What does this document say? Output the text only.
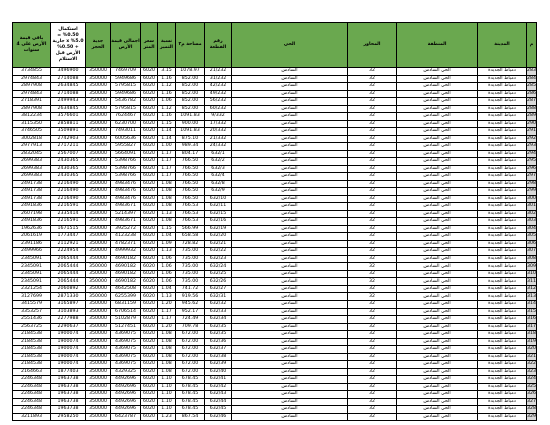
م	المدينة	المنطقة	المحاور	الحي	رقم القطعة	مساحة م٢	نسبة التميز	سعر المتر	اجمالى قيمة الأرض	جدية الحجز	استكمال 0.50% = 5.0% x جارية + 0.50% الأرض قبل الاستلام	باقي قيمة الأرض على 4 سنوات
283	دمياط الجديدة	الحي السادس	32	السادس	21/232	1078.97	3.15	6020	7469709	350000	3496900	3734855
284	دمياط الجديدة	الحي السادس	32	السادس	31/232	852.00	1.16	6020	5949686	350000	2714088	2974843
285	دمياط الجديدة	الحي السادس	32	السادس	42/232	852.00	1.12	6020	5795815	350000	2634845	2897908
286	دمياط الجديدة	الحي السادس	32	السادس	49/232	852.00	1.16	6020	5949686	350000	2714088	2974843
287	دمياط الجديدة	الحي السادس	32	السادس	56/232	852.00	1.06	6020	5436782	350000	2499943	2718391
288	دمياط الجديدة	الحي السادس	32	السادس	60/232	852.00	1.12	6020	5795815	350000	2634845	2897908
289	دمياط الجديدة	الحي السادس	32	السادس	9/332	1091.83	1.16	6020	7624467	350000	3576601	3812234
290	دمياط الجديدة	الحي السادس	32	السادس	17/332	900.00	1.15	6020	6230700	350000	2858811	3115350
291	دمياط الجديدة	الحي السادس	32	السادس	20/332	1091.83	1.14	6020	7493011	350000	3509891	3746505
292	دمياط الجديدة	الحي السادس	32	السادس	21/332	875.10	1.14	6020	6005636	350000	2742903	3002818
293	دمياط الجديدة	الحي السادس	32	السادس	24/332	989.34	1.00	6020	5955827	350000	2717211	2977913
294	دمياط الجديدة	الحي السادس	32	السادس	632/1	804.17	1.17	6020	5664091	350000	2567007	2832045
295	دمياط الجديدة	الحي السادس	32	السادس	632/2	766.50	1.17	6020	5398766	350000	2430365	2699383
296	دمياط الجديدة	الحي السادس	32	السادس	632/3	766.50	1.17	6020	5398766	350000	2430365	2699383
297	دمياط الجديدة	الحي السادس	32	السادس	632/4	766.50	1.17	6020	5398766	350000	2430365	2699383
298	دمياط الجديدة	الحي السادس	32	السادس	632/8	766.50	1.08	6020	4983476	350000	2216490	2491738
299	دمياط الجديدة	الحي السادس	32	السادس	632/9	766.50	1.08	6020	4983476	350000	2216490	2491738
300	دمياط الجديدة	الحي السادس	32	السادس	632/10	766.50	1.08	6020	4983476	350000	2216490	2491738
301	دمياط الجديدة	الحي السادس	32	السادس	632/11	766.53	1.08	6020	4983671	350000	2216591	2491836
302	دمياط الجديدة	الحي السادس	32	السادس	632/15	766.53	1.13	6020	5214397	350000	2335414	2607198
303	دمياط الجديدة	الحي السادس	32	السادس	632/16	766.53	1.08	6020	4983671	350000	2216591	2491836
304	دمياط الجديدة	الحي السادس	32	السادس	632/19	566.99	1.15	6020	3925272	350000	1671515	1962636
305	دمياط الجديدة	الحي السادس	32	السادس	632/20	658.58	1.04	6020	4123238	350000	1773447	2061619
306	دمياط الجديدة	الحي السادس	32	السادس	632/21	728.82	1.09	6020	4782371	350000	2112921	2391186
307	دمياط الجديدة	الحي السادس	32	السادس	632/22	735.00	1.13	6020	4999932	350000	2224954	2499966
308	دمياط الجديدة	الحي السادس	32	السادس	632/23	735.00	1.06	6020	4690182	350000	2065444	2345091
309	دمياط الجديدة	الحي السادس	32	السادس	632/24	735.00	1.06	6020	4690182	350000	2065444	2345091
310	دمياط الجديدة	الحي السادس	32	السادس	632/25	735.00	1.06	6020	4690182	350000	2065444	2345091
311	دمياط الجديدة	الحي السادس	32	السادس	632/26	735.00	1.06	6020	4690182	350000	2065444	2345091
312	دمياط الجديدة	الحي السادس	32	السادس	632/27	741.72	1.04	6020	4642508	350000	2060892	2321254
313	دمياط الجديدة	الحي السادس	32	السادس	632/31	919.56	1.13	6020	6255399	350000	2871330	3127699
314	دمياط الجديدة	الحي السادس	32	السادس	632/32	945.62	1.20	6020	6831159	350000	3165897	3415579
315	دمياط الجديدة	الحي السادس	32	السادس	632/33	952.17	1.17	6020	6706514	350000	3103893	3353257
316	دمياط الجديدة	الحي السادس	32	السادس	632/34	724.49	1.17	6020	5102879	350000	2277988	2551436
317	دمياط الجديدة	الحي السادس	32	السادس	632/35	709.78	1.20	6020	5127451	350000	2290637	2563725
318	دمياط الجديدة	الحي السادس	32	السادس	632/35	672.00	1.08	6020	4369075	350000	1900074	2184538
319	دمياط الجديدة	الحي السادس	32	السادس	632/36	672.00	1.08	6020	4369075	350000	1900074	2184538
320	دمياط الجديدة	الحي السادس	32	السادس	632/37	672.00	1.08	6020	4369075	350000	1900074	2184538
321	دمياط الجديدة	الحي السادس	32	السادس	632/38	672.00	1.08	6020	4369075	350000	1900074	2184538
322	دمياط الجديدة	الحي السادس	32	السادس	632/39	672.00	1.08	6020	4369075	350000	1900074	2184538
323	دمياط الجديدة	الحي السادس	32	السادس	632/40	672.00	1.08	6020	4329325	350000	1877403	2164663
324	دمياط الجديدة	الحي السادس	32	السادس	632/41	678.45	1.10	6020	4492696	350000	1963738	2246348
325	دمياط الجديدة	الحي السادس	32	السادس	632/42	678.45	1.10	6020	4492696	350000	1963738	2246348
326	دمياط الجديدة	الحي السادس	32	السادس	632/43	678.45	1.10	6020	4492696	350000	1963738	2246348
327	دمياط الجديدة	الحي السادس	32	السادس	632/44	678.45	1.10	6020	4492696	350000	1963738	2246348
328	دمياط الجديدة	الحي السادس	32	السادس	632/45	678.45	1.10	6020	4492696	350000	1963738	2246348
329	دمياط الجديدة	الحي السادس	32	السادس	632/46	867.54	1.23	6020	6423787	350000	2958250	3211893
